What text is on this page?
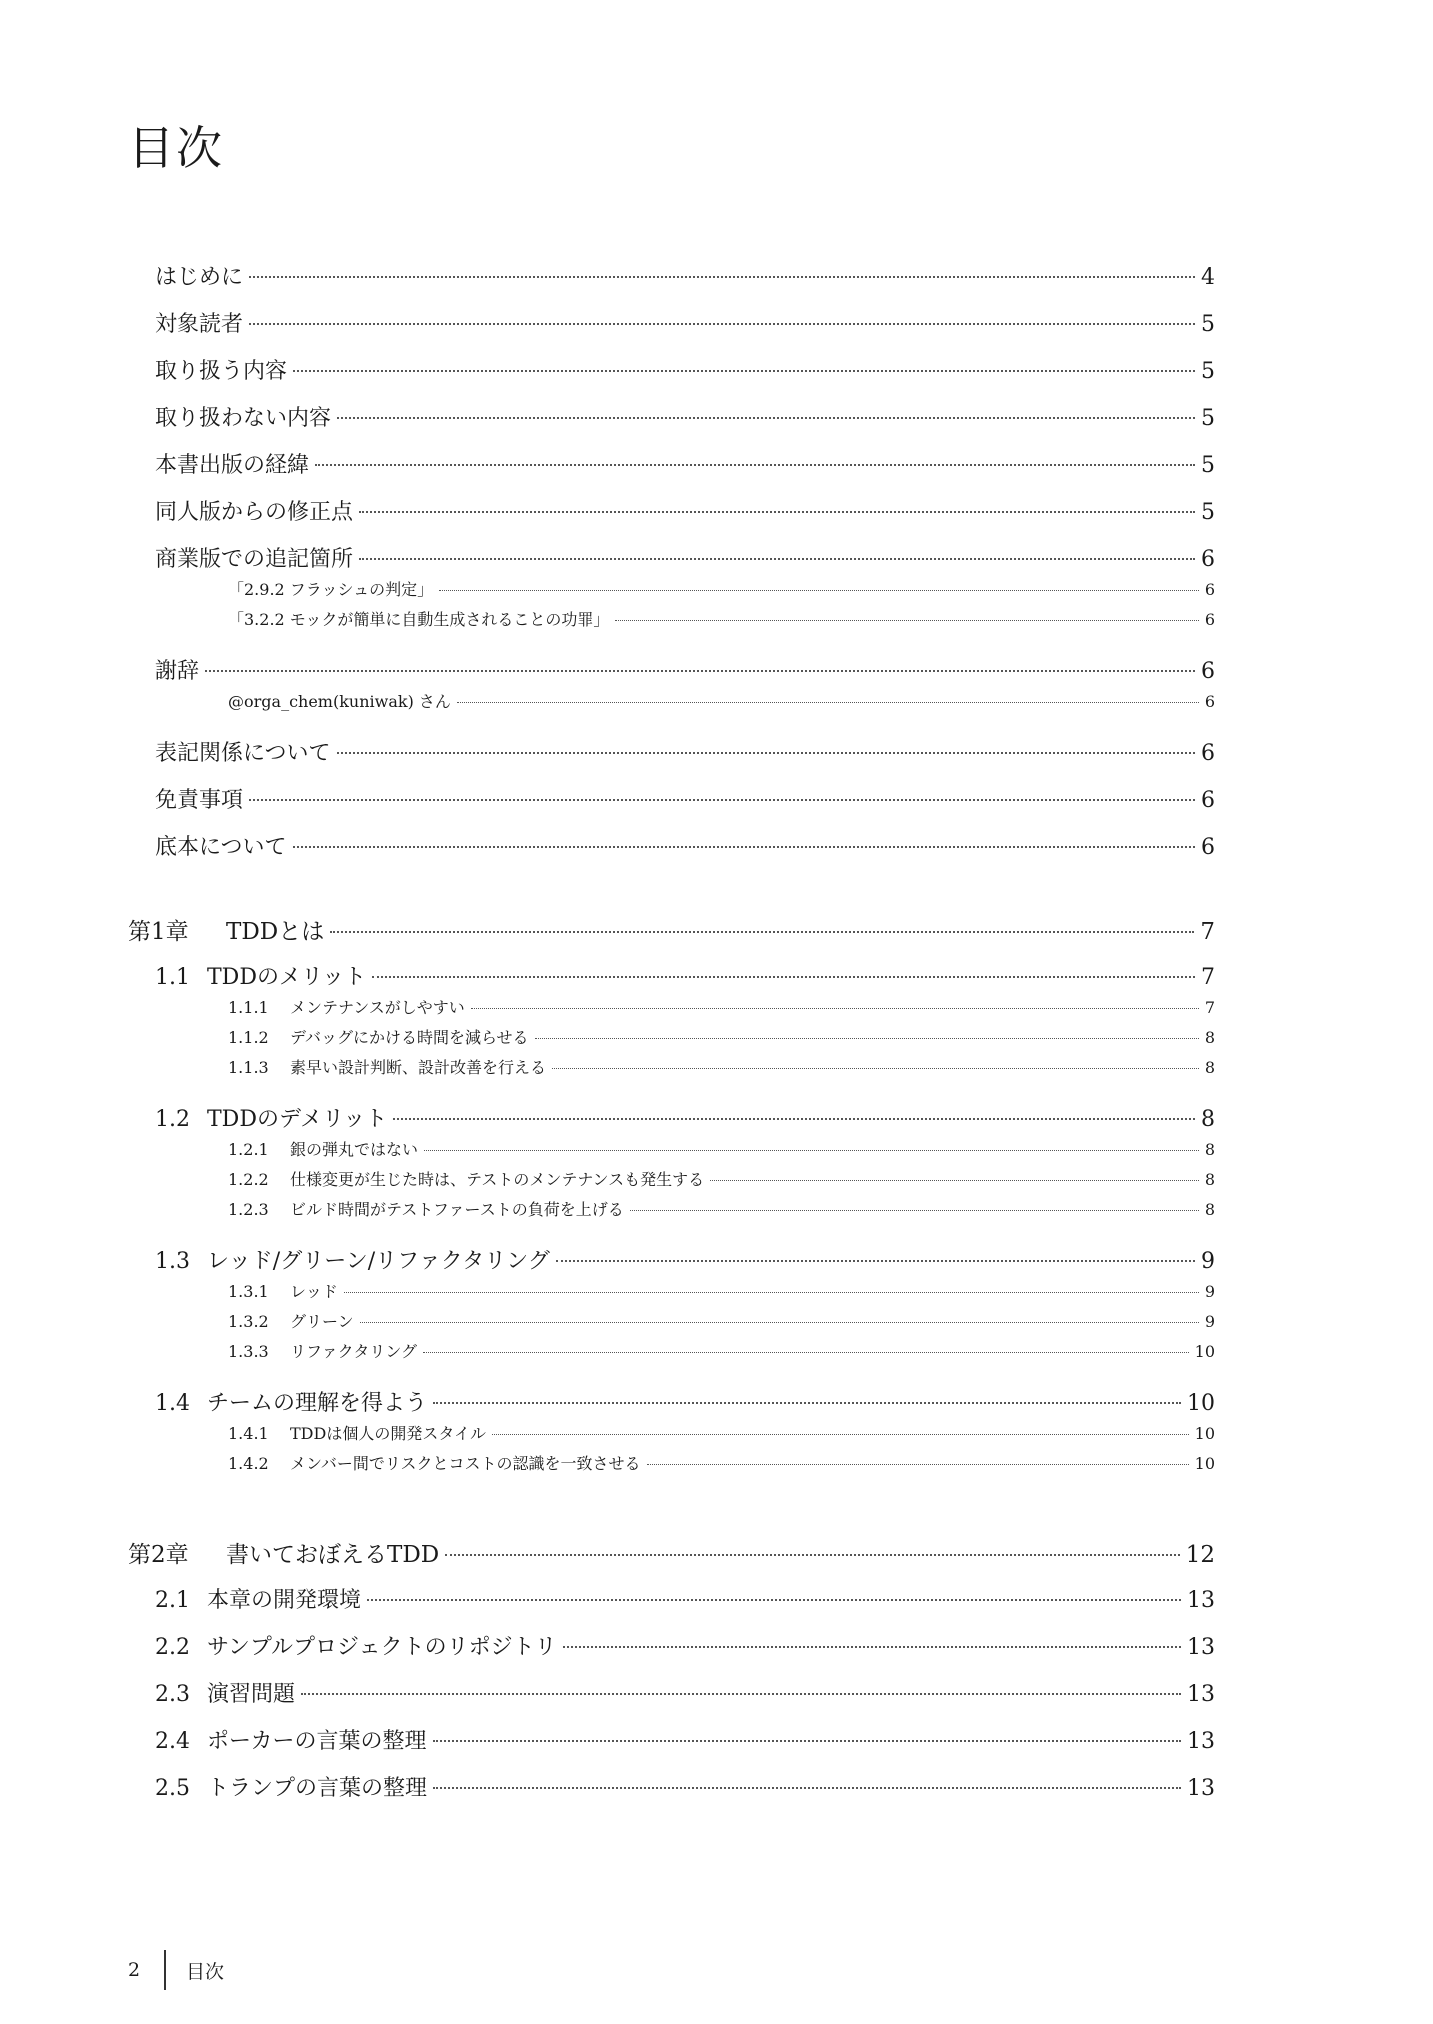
目次
はじめに	4
対象読者	5
取り扱う内容	5
取り扱わない内容	5
本書出版の経緯	5
同人版からの修正点	5
商業版での追記箇所	6
「2.9.2 フラッシュの判定」	6
「3.2.2 モックが簡単に自動生成されることの功罪」	6
謝辞	6
@orga_chem(kuniwak) さん	6
表記関係について	6
免責事項	6
底本について	6
第1章	TDDとは	7
1.1 TDDのメリット	7
1.1.1	メンテナンスがしやすい	7
1.1.2	デバッグにかける時間を減らせる	8
1.1.3	素早い設計判断、設計改善を行える	8
1.2 TDDのデメリット	8
1.2.1	銀の弾丸ではない	8
1.2.2	仕様変更が生じた時は、テストのメンテナンスも発生する	8
1.2.3	ビルド時間がテストファーストの負荷を上げる	8
1.3 レッド/グリーン/リファクタリング	9
1.3.1	レッド	9
1.3.2	グリーン	9
1.3.3	リファクタリング	10
1.4 チームの理解を得よう	10
1.4.1	TDDは個人の開発スタイル	10
1.4.2	メンバー間でリスクとコストの認識を一致させる	10
第2章	書いておぼえるTDD	12
2.1 本章の開発環境	13
2.2 サンプルプロジェクトのリポジトリ	13
2.3 演習問題	13
2.4 ポーカーの言葉の整理	13
2.5 トランプの言葉の整理	13
2	目次
